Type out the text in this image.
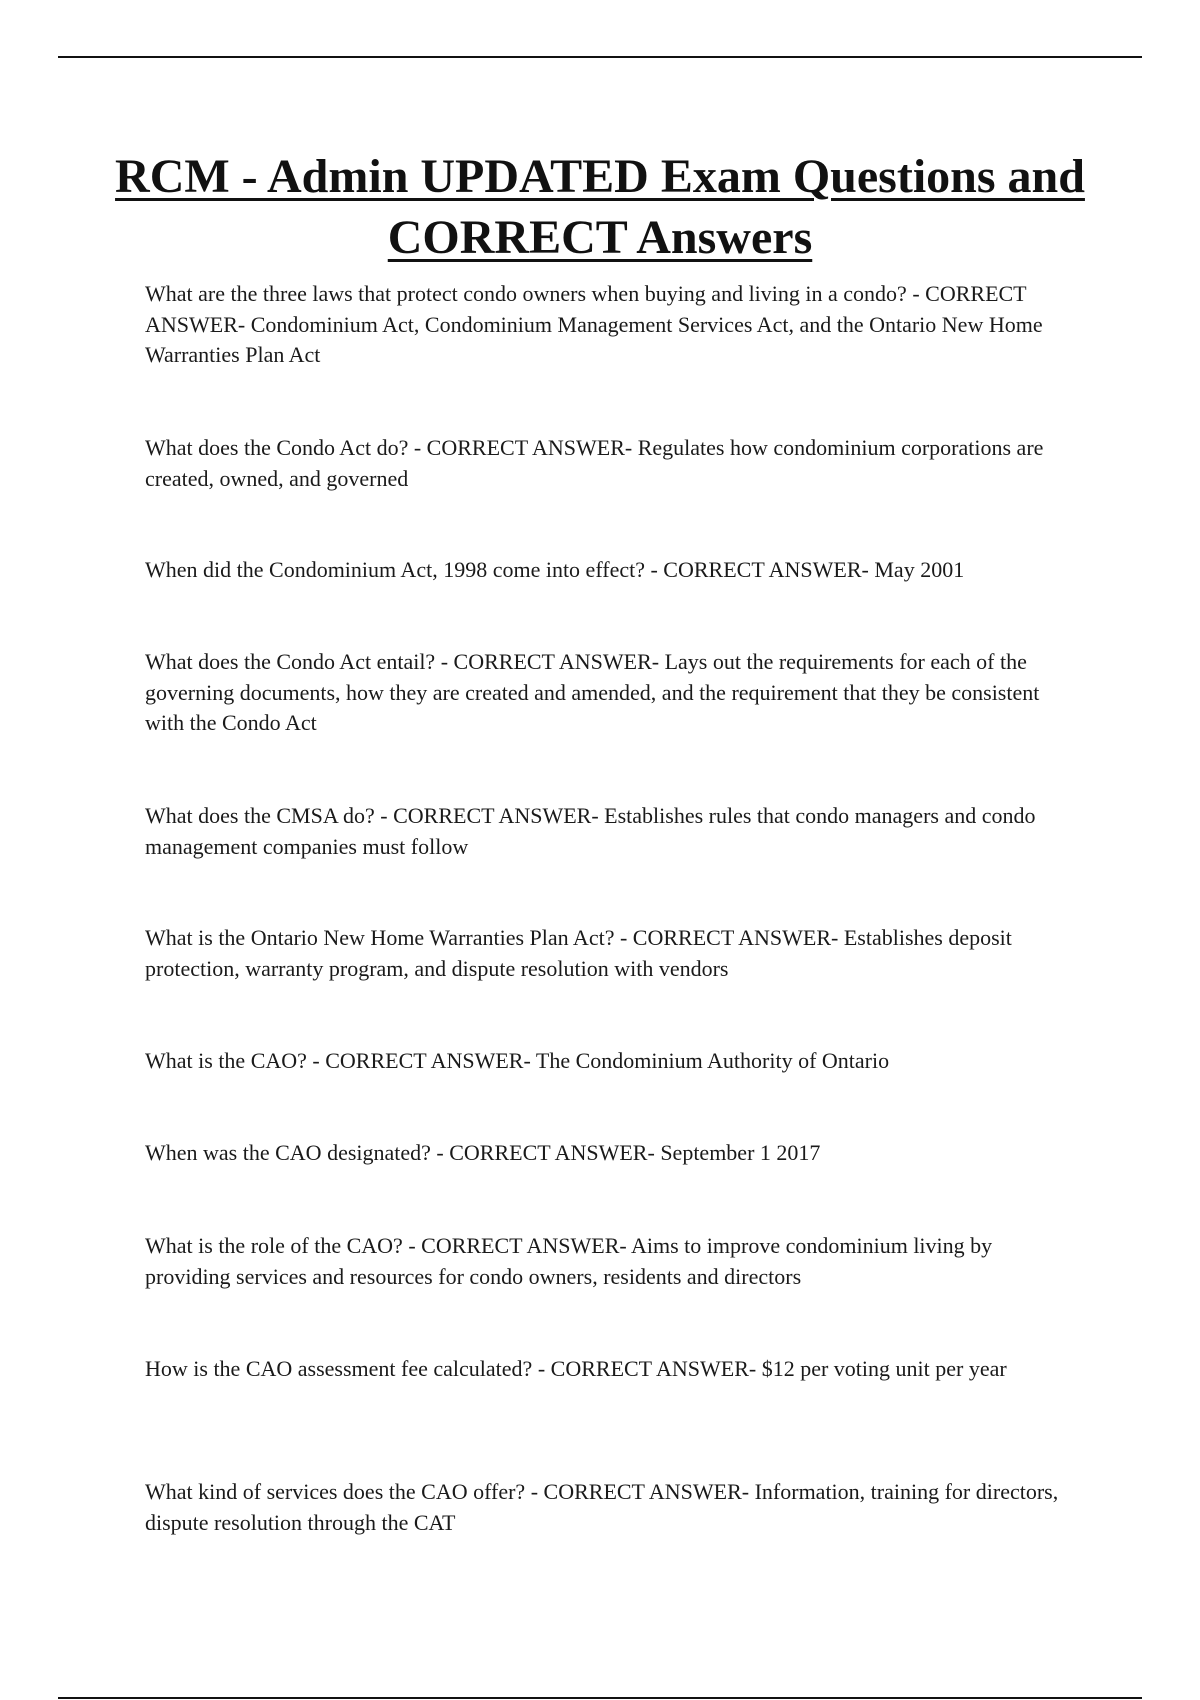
RCM - Admin UPDATED Exam Questions and CORRECT Answers
What are the three laws that protect condo owners when buying and living in a condo? - CORRECT ANSWER- Condominium Act, Condominium Management Services Act, and the Ontario New Home Warranties Plan Act
What does the Condo Act do? - CORRECT ANSWER- Regulates how condominium corporations are created, owned, and governed
When did the Condominium Act, 1998 come into effect? - CORRECT ANSWER- May 2001
What does the Condo Act entail? - CORRECT ANSWER- Lays out the requirements for each of the governing documents, how they are created and amended, and the requirement that they be consistent with the Condo Act
What does the CMSA do? - CORRECT ANSWER- Establishes rules that condo managers and condo management companies must follow
What is the Ontario New Home Warranties Plan Act? - CORRECT ANSWER- Establishes deposit protection, warranty program, and dispute resolution with vendors
What is the CAO? - CORRECT ANSWER- The Condominium Authority of Ontario
When was the CAO designated? - CORRECT ANSWER- September 1 2017
What is the role of the CAO? - CORRECT ANSWER- Aims to improve condominium living by providing services and resources for condo owners, residents and directors
How is the CAO assessment fee calculated? - CORRECT ANSWER- $12 per voting unit per year
What kind of services does the CAO offer? - CORRECT ANSWER- Information, training for directors, dispute resolution through the CAT
